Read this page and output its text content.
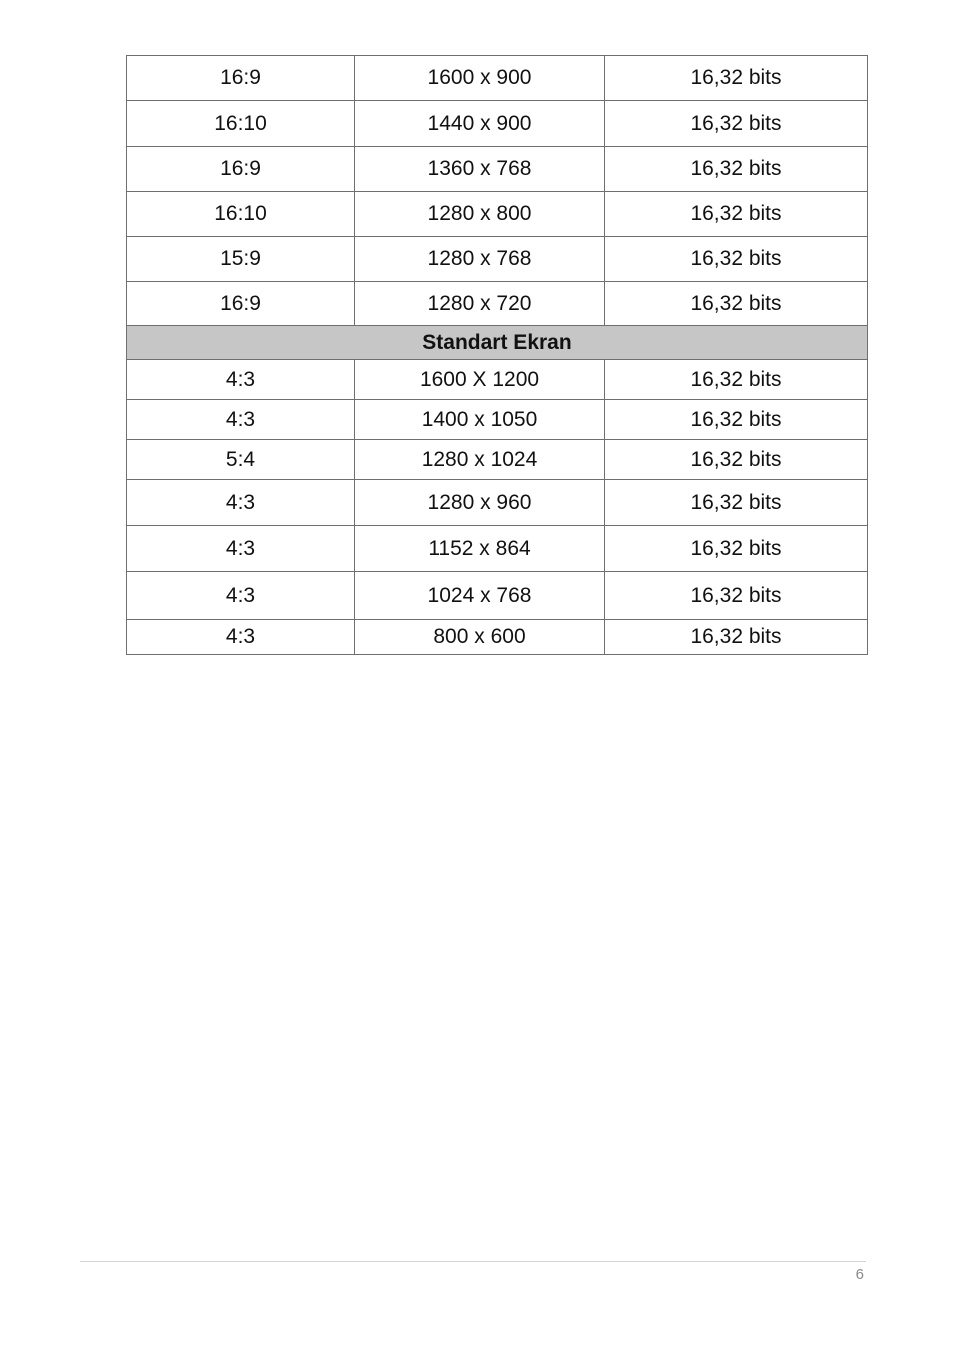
16:9	1600 x 900	16,32 bits
16:10	1440 x 900	16,32 bits
16:9	1360 x 768	16,32 bits
16:10	1280 x 800	16,32 bits
15:9	1280 x 768	16,32 bits
16:9	1280 x 720	16,32 bits
Standart Ekran		
4:3	1600 X 1200	16,32 bits
4:3	1400 x 1050	16,32 bits
5:4	1280 x 1024	16,32 bits
4:3	1280 x 960	16,32 bits
4:3	1152 x 864	16,32 bits
4:3	1024 x 768	16,32 bits
4:3	800 x 600	16,32 bits
6
